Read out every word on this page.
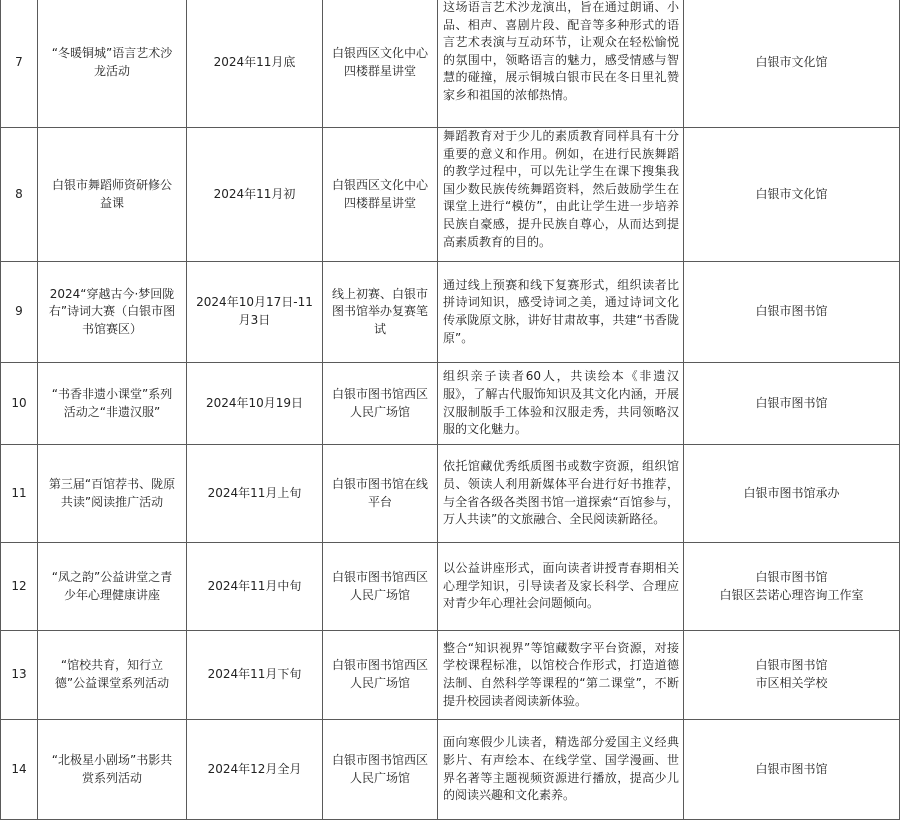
7	“冬暖铜城”语言艺术沙龙活动	2024年11月底	白银西区文化中心四楼群星讲堂	这场语言艺术沙龙演出，旨在通过朗诵、小品、相声、喜剧片段、配音等多种形式的语言艺术表演与互动环节，让观众在轻松愉悦的氛围中，领略语言的魅力，感受情感与智慧的碰撞，展示铜城白银市民在冬日里礼赞家乡和祖国的浓郁热情。	白银市文化馆

8	白银市舞蹈师资研修公益课	2024年11月初	白银西区文化中心四楼群星讲堂	舞蹈教育对于少儿的素质教育同样具有十分重要的意义和作用。例如，在进行民族舞蹈的教学过程中，可以先让学生在课下搜集我国少数民族传统舞蹈资料，然后鼓励学生在课堂上进行“模仿”，由此让学生进一步培养民族自豪感，提升民族自尊心，从而达到提高素质教育的目的。	白银市文化馆

9	2024“穿越古今·梦回陇右”诗词大赛（白银市图书馆赛区）	2024年10月17日-11月3日	线上初赛、白银市图书馆举办复赛笔试	通过线上预赛和线下复赛形式，组织读者比拼诗词知识，感受诗词之美，通过诗词文化传承陇原文脉，讲好甘肃故事，共建“书香陇原”。	白银市图书馆

10	“书香非遗小课堂”系列活动之“非遗汉服”	2024年10月19日	白银市图书馆西区人民广场馆	组织亲子读者60人，共读绘本《非遗汉服》，了解古代服饰知识及其文化内涵，开展汉服制版手工体验和汉服走秀，共同领略汉服的文化魅力。	白银市图书馆

11	第三届“百馆荐书、陇原共读”阅读推广活动	2024年11月上旬	白银市图书馆在线平台	依托馆藏优秀纸质图书或数字资源，组织馆员、领读人利用新媒体平台进行好书推荐，与全省各级各类图书馆一道探索“百馆参与，万人共读”的文旅融合、全民阅读新路径。	白银市图书馆承办

12	“凤之韵”公益讲堂之青少年心理健康讲座	2024年11月中旬	白银市图书馆西区人民广场馆	以公益讲座形式，面向读者讲授青春期相关心理学知识，引导读者及家长科学、合理应对青少年心理社会问题倾向。	白银市图书馆
白银区芸诺心理咨询工作室

13	“馆校共育，知行立德”公益课堂系列活动	2024年11月下旬	白银市图书馆西区人民广场馆	整合“知识视界”等馆藏数字平台资源，对接学校课程标准，以馆校合作形式，打造道德法制、自然科学等课程的“第二课堂”，不断提升校园读者阅读新体验。	白银市图书馆
市区相关学校

14	“北极星小剧场”书影共赏系列活动	2024年12月全月	白银市图书馆西区人民广场馆	面向寒假少儿读者，精选部分爱国主义经典影片、有声绘本、在线学堂、国学漫画、世界名著等主题视频资源进行播放，提高少儿的阅读兴趣和文化素养。	白银市图书馆
